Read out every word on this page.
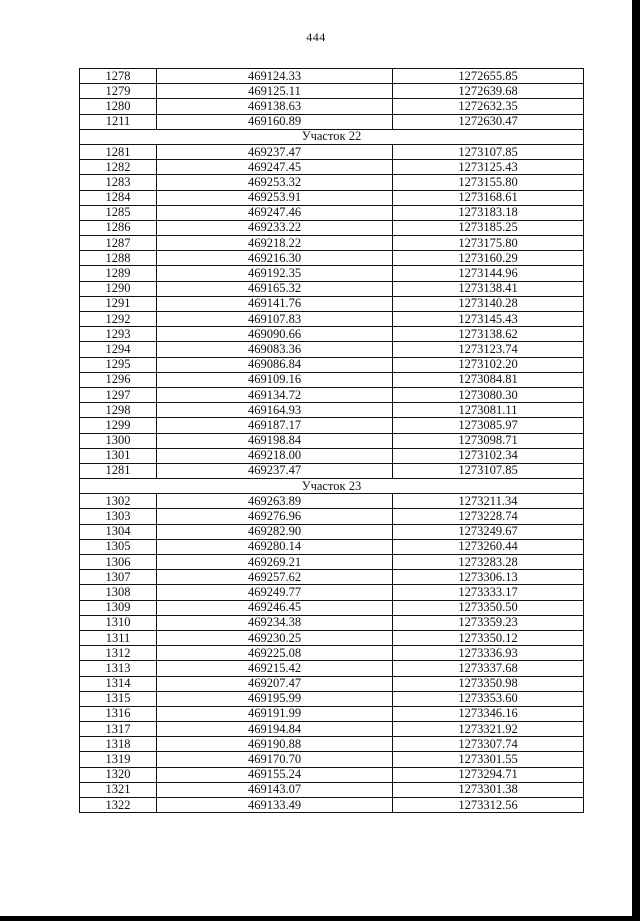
444
1278	469124.33	1272655.85
1279	469125.11	1272639.68
1280	469138.63	1272632.35
1211	469160.89	1272630.47
Участок 22		
1281	469237.47	1273107.85
1282	469247.45	1273125.43
1283	469253.32	1273155.80
1284	469253.91	1273168.61
1285	469247.46	1273183.18
1286	469233.22	1273185.25
1287	469218.22	1273175.80
1288	469216.30	1273160.29
1289	469192.35	1273144.96
1290	469165.32	1273138.41
1291	469141.76	1273140.28
1292	469107.83	1273145.43
1293	469090.66	1273138.62
1294	469083.36	1273123.74
1295	469086.84	1273102.20
1296	469109.16	1273084.81
1297	469134.72	1273080.30
1298	469164.93	1273081.11
1299	469187.17	1273085.97
1300	469198.84	1273098.71
1301	469218.00	1273102.34
1281	469237.47	1273107.85
Участок 23		
1302	469263.89	1273211.34
1303	469276.96	1273228.74
1304	469282.90	1273249.67
1305	469280.14	1273260.44
1306	469269.21	1273283.28
1307	469257.62	1273306.13
1308	469249.77	1273333.17
1309	469246.45	1273350.50
1310	469234.38	1273359.23
1311	469230.25	1273350.12
1312	469225.08	1273336.93
1313	469215.42	1273337.68
1314	469207.47	1273350.98
1315	469195.99	1273353.60
1316	469191.99	1273346.16
1317	469194.84	1273321.92
1318	469190.88	1273307.74
1319	469170.70	1273301.55
1320	469155.24	1273294.71
1321	469143.07	1273301.38
1322	469133.49	1273312.56
